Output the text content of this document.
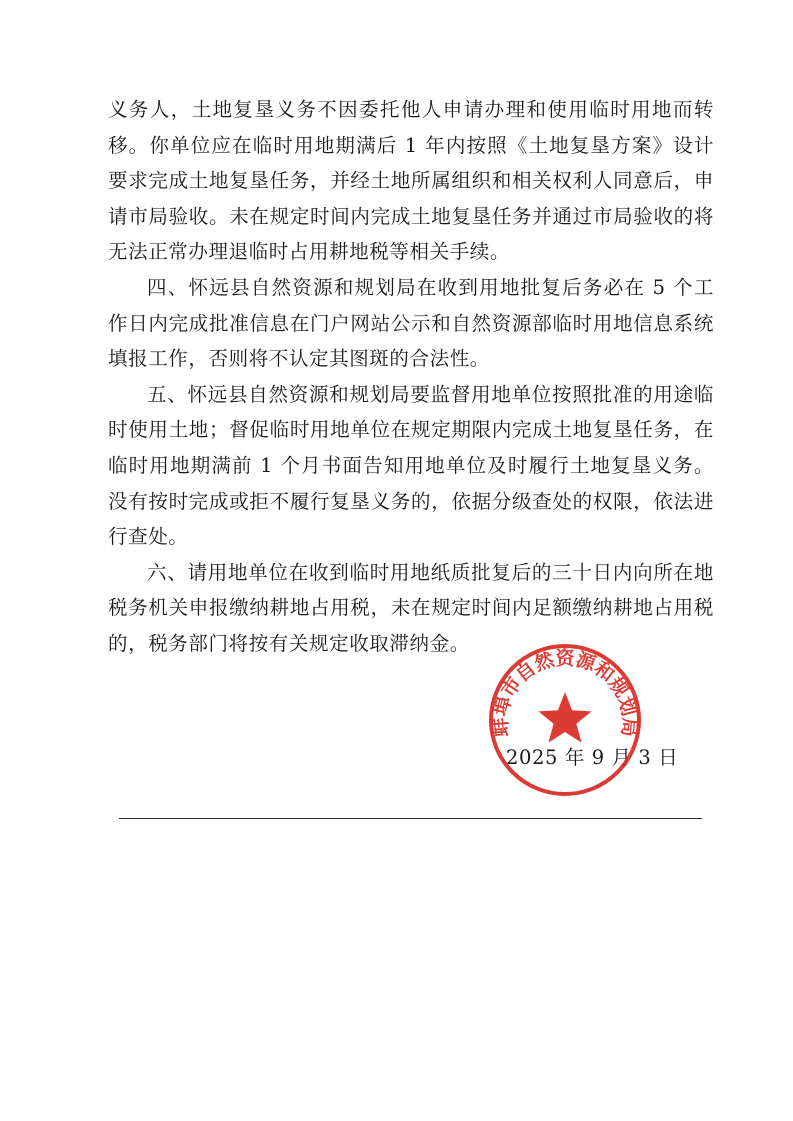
义务人，土地复垦义务不因委托他人申请办理和使用临时用地而转移。你单位应在临时用地期满后 1 年内按照《土地复垦方案》设计要求完成土地复垦任务，并经土地所属组织和相关权利人同意后，申请市局验收。未在规定时间内完成土地复垦任务并通过市局验收的将无法正常办理退临时占用耕地税等相关手续。

四、怀远县自然资源和规划局在收到用地批复后务必在 5 个工作日内完成批准信息在门户网站公示和自然资源部临时用地信息系统填报工作，否则将不认定其图斑的合法性。

五、怀远县自然资源和规划局要监督用地单位按照批准的用途临时使用土地；督促临时用地单位在规定期限内完成土地复垦任务，在临时用地期满前 1 个月书面告知用地单位及时履行土地复垦义务。没有按时完成或拒不履行复垦义务的，依据分级查处的权限，依法进行查处。

六、请用地单位在收到临时用地纸质批复后的三十日内向所在地税务机关申报缴纳耕地占用税，未在规定时间内足额缴纳耕地占用税的，税务部门将按有关规定收取滞纳金。

2025 年 9 月 3 日
蚌埠市自然资源和规划局
